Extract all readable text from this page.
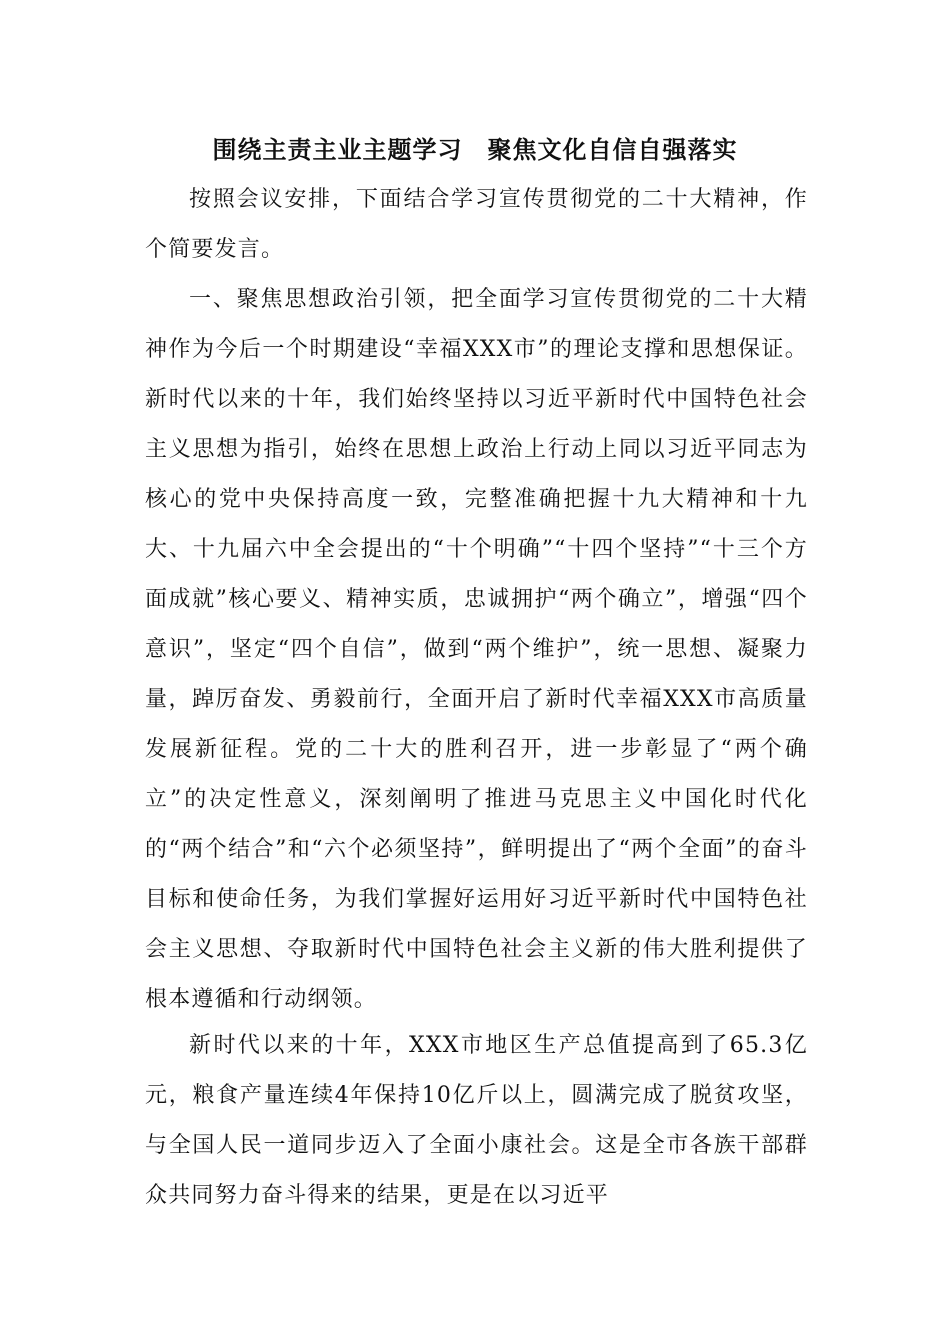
围绕主责主业主题学习　聚焦文化自信自强落实

按照会议安排，下面结合学习宣传贯彻党的二十大精神，作个简要发言。

一、聚焦思想政治引领，把全面学习宣传贯彻党的二十大精神作为今后一个时期建设“幸福XXX市”的理论支撑和思想保证。新时代以来的十年，我们始终坚持以习近平新时代中国特色社会主义思想为指引，始终在思想上政治上行动上同以习近平同志为核心的党中央保持高度一致，完整准确把握十九大精神和十九大、十九届六中全会提出的“十个明确”“十四个坚持”“十三个方面成就”核心要义、精神实质，忠诚拥护“两个确立”，增强“四个意识”，坚定“四个自信”，做到“两个维护”，统一思想、凝聚力量，踔厉奋发、勇毅前行，全面开启了新时代幸福XXX市高质量发展新征程。党的二十大的胜利召开，进一步彰显了“两个确立”的决定性意义，深刻阐明了推进马克思主义中国化时代化的“两个结合”和“六个必须坚持”，鲜明提出了“两个全面”的奋斗目标和使命任务，为我们掌握好运用好习近平新时代中国特色社会主义思想、夺取新时代中国特色社会主义新的伟大胜利提供了根本遵循和行动纲领。

新时代以来的十年，XXX市地区生产总值提高到了65.3亿元，粮食产量连续4年保持10亿斤以上，圆满完成了脱贫攻坚，与全国人民一道同步迈入了全面小康社会。这是全市各族干部群众共同努力奋斗得来的结果，更是在以习近平
